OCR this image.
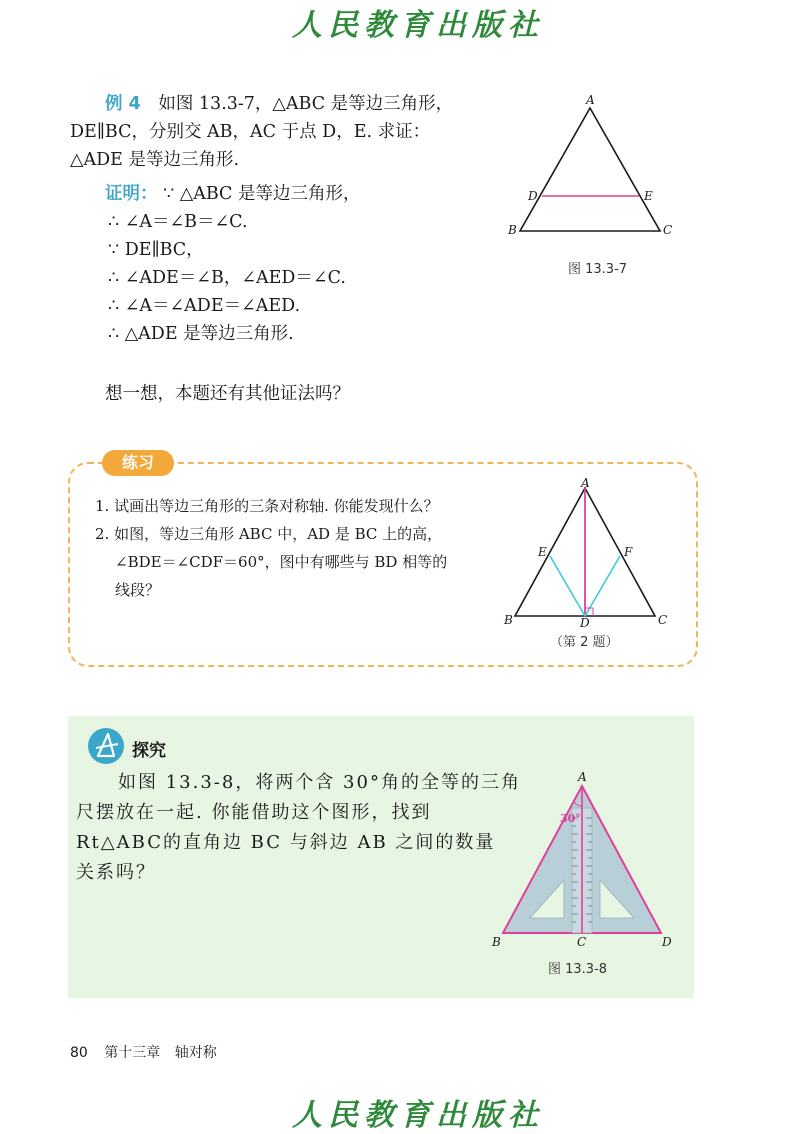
人民教育出版社
例 4 如图 13.3-7，△ABC 是等边三角形，
DE∥BC，分别交 AB，AC 于点 D，E. 求证：
△ADE 是等边三角形.
证明： ∵ △ABC 是等边三角形，
∴ ∠A＝∠B＝∠C.
∵ DE∥BC，
∴ ∠ADE＝∠B，∠AED＝∠C.
∴ ∠A＝∠ADE＝∠AED.
∴ △ADE 是等边三角形.
想一想，本题还有其他证法吗？
A
B	C
D	E
图 13.3-7
练习
1. 试画出等边三角形的三条对称轴. 你能发现什么？
2. 如图，等边三角形 ABC 中，AD 是 BC 上的高，
∠BDE＝∠CDF＝60°，图中有哪些与 BD 相等的
线段？
A
B	C
D
E	F
（第 2 题）
探究
如图 13.3-8，将两个含 30°角的全等的三角
尺摆放在一起. 你能借助这个图形，找到
Rt△ABC的直角边 BC 与斜边 AB 之间的数量
关系吗？
30°
A
B	C	D
图 13.3-8
80 第十三章 轴对称
人民教育出版社
